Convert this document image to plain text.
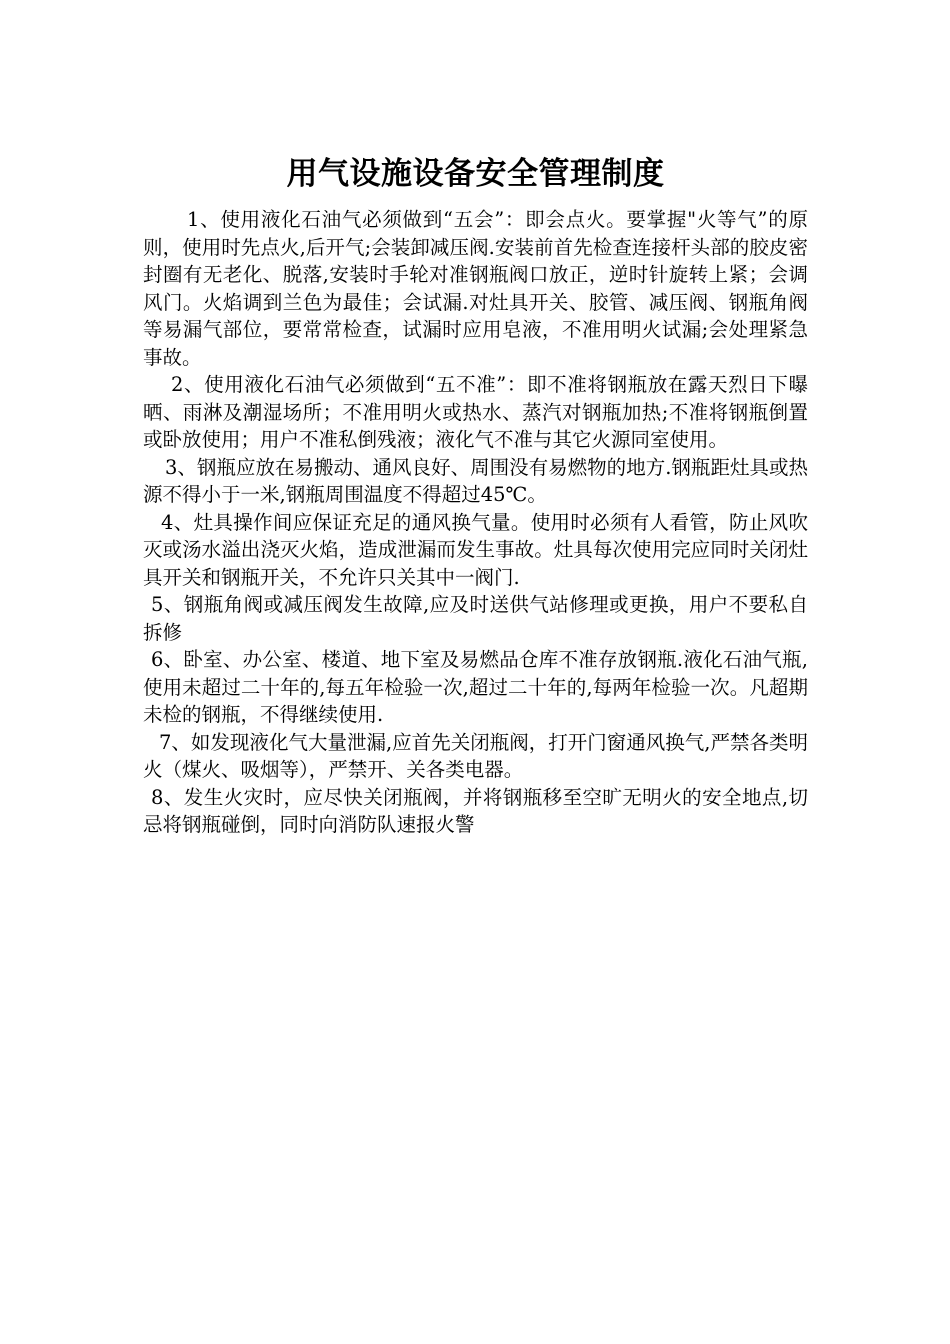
用气设施设备安全管理制度

1、使用液化石油气必须做到“五会”：即会点火。要掌握"火等气”的原则，使用时先点火,后开气;会装卸减压阀.安装前首先检查连接杆头部的胶皮密封圈有无老化、脱落,安装时手轮对准钢瓶阀口放正，逆时针旋转上紧；会调风门。火焰调到兰色为最佳；会试漏.对灶具开关、胶管、减压阀、钢瓶角阀等易漏气部位，要常常检查，试漏时应用皂液，不准用明火试漏;会处理紧急事故。

2、使用液化石油气必须做到“五不准”：即不准将钢瓶放在露天烈日下曝晒、雨淋及潮湿场所；不准用明火或热水、蒸汽对钢瓶加热;不准将钢瓶倒置或卧放使用；用户不准私倒残液；液化气不准与其它火源同室使用。

3、钢瓶应放在易搬动、通风良好、周围没有易燃物的地方.钢瓶距灶具或热源不得小于一米,钢瓶周围温度不得超过45℃。

4、灶具操作间应保证充足的通风换气量。使用时必须有人看管，防止风吹灭或汤水溢出浇灭火焰，造成泄漏而发生事故。灶具每次使用完应同时关闭灶具开关和钢瓶开关，不允许只关其中一阀门.

5、钢瓶角阀或减压阀发生故障,应及时送供气站修理或更换，用户不要私自拆修

6、卧室、办公室、楼道、地下室及易燃品仓库不准存放钢瓶.液化石油气瓶,使用未超过二十年的,每五年检验一次,超过二十年的,每两年检验一次。凡超期未检的钢瓶，不得继续使用.

7、如发现液化气大量泄漏,应首先关闭瓶阀，打开门窗通风换气,严禁各类明火（煤火、吸烟等），严禁开、关各类电器。

8、发生火灾时，应尽快关闭瓶阀，并将钢瓶移至空旷无明火的安全地点,切忌将钢瓶碰倒，同时向消防队速报火警
